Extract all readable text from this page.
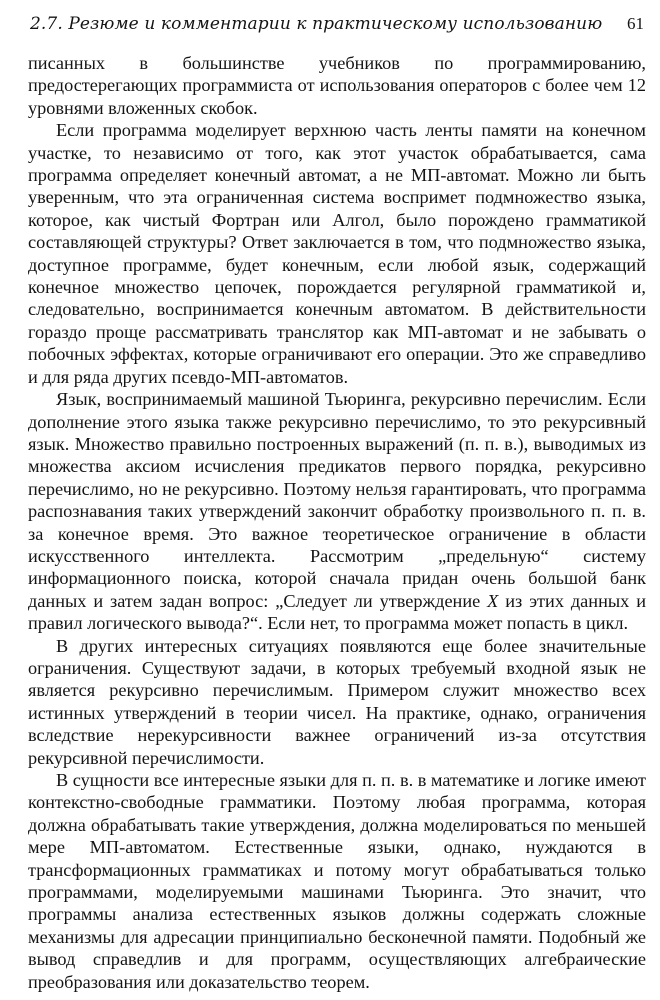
2.7. Резюме и комментарии к практическому использованию 61

писанных в большинстве учебников по программированию, предостерегающих программиста от использования операторов с более чем 12 уровнями вложенных скобок.

Если программа моделирует верхнюю часть ленты памяти на конечном участке, то независимо от того, как этот участок обрабатывается, сама программа определяет конечный автомат, а не МП-автомат. Можно ли быть уверенным, что эта ограниченная система воспримет подмножество языка, которое, как чистый Фортран или Алгол, было порождено грамматикой составляющей структуры? Ответ заключается в том, что подмножество языка, доступное программе, будет конечным, если любой язык, содержащий конечное множество цепочек, порождается регулярной грамматикой и, следовательно, воспринимается конечным автоматом. В действительности гораздо проще рассматривать транслятор как МП-автомат и не забывать о побочных эффектах, которые ограничивают его операции. Это же справедливо и для ряда других псевдо-МП-автоматов.

Язык, воспринимаемый машиной Тьюринга, рекурсивно перечислим. Если дополнение этого языка также рекурсивно перечислимо, то это рекурсивный язык. Множество правильно построенных выражений (п. п. в.), выводимых из множества аксиом исчисления предикатов первого порядка, рекурсивно перечислимо, но не рекурсивно. Поэтому нельзя гарантировать, что программа распознавания таких утверждений закончит обработку произвольного п. п. в. за конечное время. Это важное теоретическое ограничение в области искусственного интеллекта. Рассмотрим „предельную“ систему информационного поиска, которой сначала придан очень большой банк данных и затем задан вопрос: „Следует ли утверждение X из этих данных и правил логического вывода?“. Если нет, то программа может попасть в цикл.

В других интересных ситуациях появляются еще более значительные ограничения. Существуют задачи, в которых требуемый входной язык не является рекурсивно перечислимым. Примером служит множество всех истинных утверждений в теории чисел. На практике, однако, ограничения вследствие нерекурсивности важнее ограничений из-за отсутствия рекурсивной перечислимости.

В сущности все интересные языки для п. п. в. в математике и логике имеют контекстно-свободные грамматики. Поэтому любая программа, которая должна обрабатывать такие утверждения, должна моделироваться по меньшей мере МП-автоматом. Естественные языки, однако, нуждаются в трансформационных грамматиках и потому могут обрабатываться только программами, моделируемыми машинами Тьюринга. Это значит, что программы анализа естественных языков должны содержать сложные механизмы для адресации принципиально бесконечной памяти. Подобный же вывод справедлив и для программ, осуществляющих алгебраические преобразования или доказательство теорем.
